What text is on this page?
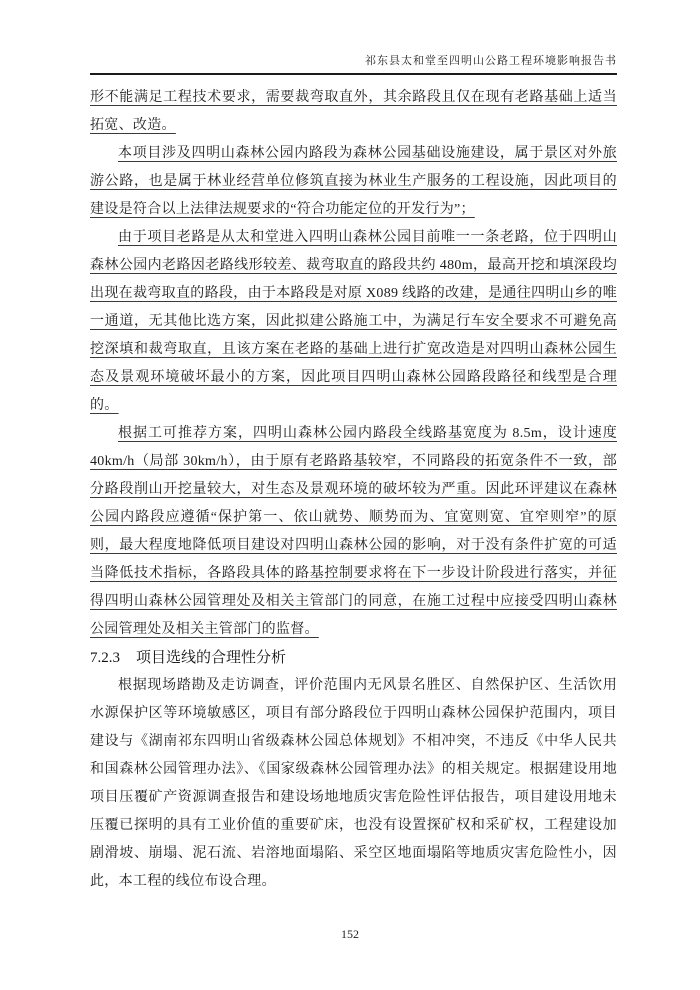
祁东县太和堂至四明山公路工程环境影响报告书

形不能满足工程技术要求，需要裁弯取直外，其余路段且仅在现有老路基础上适当拓宽、改造。

本项目涉及四明山森林公园内路段为森林公园基础设施建设，属于景区对外旅游公路，也是属于林业经营单位修筑直接为林业生产服务的工程设施，因此项目的建设是符合以上法律法规要求的“符合功能定位的开发行为”；

由于项目老路是从太和堂进入四明山森林公园目前唯一一条老路，位于四明山森林公园内老路因老路线形较差、裁弯取直的路段共约 480m，最高开挖和填深段均出现在裁弯取直的路段，由于本路段是对原 X089 线路的改建，是通往四明山乡的唯一通道，无其他比选方案，因此拟建公路施工中，为满足行车安全要求不可避免高挖深填和裁弯取直，且该方案在老路的基础上进行扩宽改造是对四明山森林公园生态及景观环境破坏最小的方案，因此项目四明山森林公园路段路径和线型是合理的。

根据工可推荐方案，四明山森林公园内路段全线路基宽度为 8.5m，设计速度 40km/h（局部 30km/h），由于原有老路路基较窄，不同路段的拓宽条件不一致，部分路段削山开挖量较大，对生态及景观环境的破坏较为严重。因此环评建议在森林公园内路段应遵循“保护第一、依山就势、顺势而为、宜宽则宽、宜窄则窄”的原则，最大程度地降低项目建设对四明山森林公园的影响，对于没有条件扩宽的可适当降低技术指标，各路段具体的路基控制要求将在下一步设计阶段进行落实，并征得四明山森林公园管理处及相关主管部门的同意，在施工过程中应接受四明山森林公园管理处及相关主管部门的监督。

7.2.3 项目选线的合理性分析

根据现场踏勘及走访调查，评价范围内无风景名胜区、自然保护区、生活饮用水源保护区等环境敏感区，项目有部分路段位于四明山森林公园保护范围内，项目建设与《湖南祁东四明山省级森林公园总体规划》不相冲突，不违反《中华人民共和国森林公园管理办法》、《国家级森林公园管理办法》的相关规定。根据建设用地项目压覆矿产资源调查报告和建设场地地质灾害危险性评估报告，项目建设用地未压覆已探明的具有工业价值的重要矿床，也没有设置探矿权和采矿权，工程建设加剧滑坡、崩塌、泥石流、岩溶地面塌陷、采空区地面塌陷等地质灾害危险性小，因此，本工程的线位布设合理。

152
